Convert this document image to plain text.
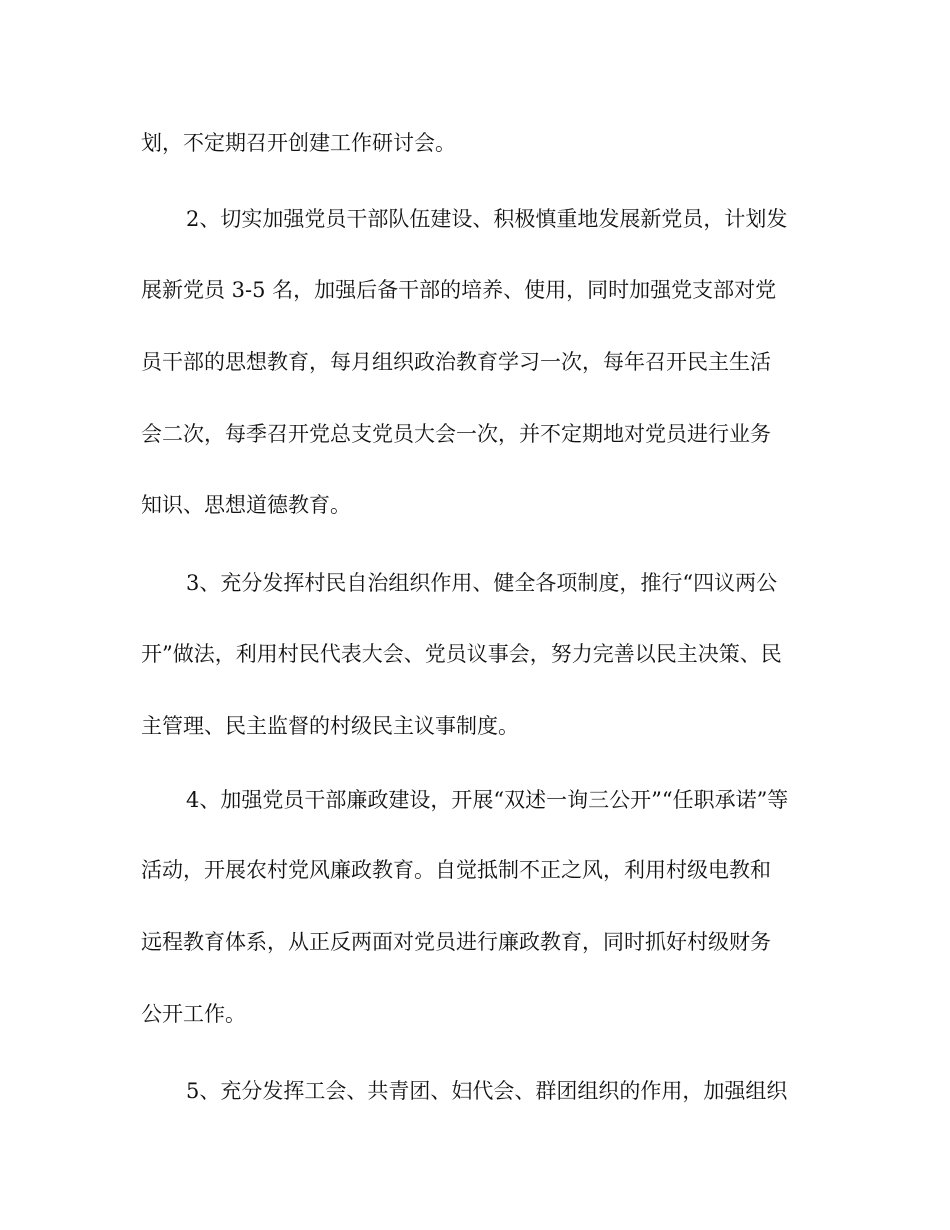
划，不定期召开创建工作研讨会。
2、切实加强党员干部队伍建设、积极慎重地发展新党员，计划发
展新党员 3-5 名，加强后备干部的培养、使用，同时加强党支部对党
员干部的思想教育，每月组织政治教育学习一次，每年召开民主生活
会二次，每季召开党总支党员大会一次，并不定期地对党员进行业务
知识、思想道德教育。
3、充分发挥村民自治组织作用、健全各项制度，推行“四议两公
开”做法，利用村民代表大会、党员议事会，努力完善以民主决策、民
主管理、民主监督的村级民主议事制度。
4、加强党员干部廉政建设，开展“双述一询三公开”“任职承诺”等
活动，开展农村党风廉政教育。自觉抵制不正之风，利用村级电教和
远程教育体系，从正反两面对党员进行廉政教育，同时抓好村级财务
公开工作。
5、充分发挥工会、共青团、妇代会、群团组织的作用，加强组织
